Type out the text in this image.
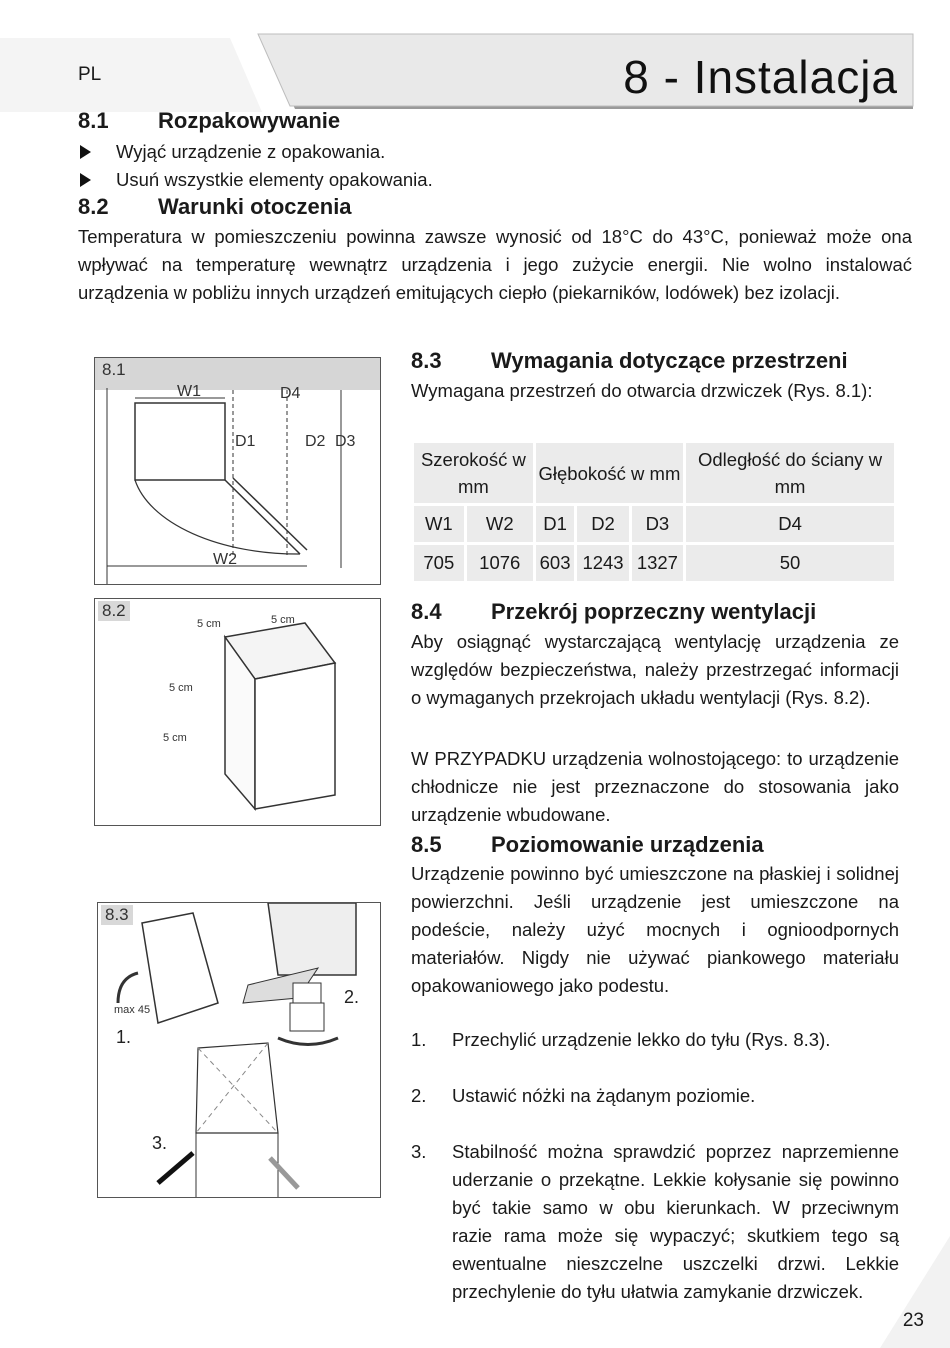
PL	8 - Instalacja
8.1 Rozpakowywanie
Wyjąć urządzenie z opakowania.
Usuń wszystkie elementy opakowania.
8.2 Warunki otoczenia
Temperatura w pomieszczeniu powinna zawsze wynosić od 18°C do 43°C, ponieważ może ona wpływać na temperaturę wewnątrz urządzenia i jego zużycie energii. Nie wolno instalować urządzenia w pobliżu innych urządzeń emitujących ciepło (piekarników, lodówek) bez izolacji.
W1	D4
D1	D2 D3
W2
8.1
5 cm	5 cm
5 cm
5 cm
8.2
max 45
1.
2.
3.
8.3
8.3 Wymagania dotyczące przestrzeni
Wymagana przestrzeń do otwarcia drzwiczek (Rys. 8.1):
Szerokość w mm		Głębokość w mm			Odległość do ściany w mm
W1	W2	D1	D2	D3	D4
705	1076	603	1243	1327	50
8.4 Przekrój poprzeczny wentylacji
Aby osiągnąć wystarczającą wentylację urządzenia ze względów bezpieczeństwa, należy przestrzegać informacji o wymaganych przekrojach układu wentylacji (Rys. 8.2).
W PRZYPADKU urządzenia wolnostojącego: to urządzenie chłodnicze nie jest przeznaczone do stosowania jako urządzenie wbudowane.
8.5 Poziomowanie urządzenia
Urządzenie powinno być umieszczone na płaskiej i solidnej powierzchni. Jeśli urządzenie jest umieszczone na podeście, należy użyć mocnych i ognioodpornych materiałów. Nigdy nie używać piankowego materiału opakowaniowego jako podestu.
1. Przechylić urządzenie lekko do tyłu (Rys. 8.3).
2. Ustawić nóżki na żądanym poziomie.
3. Stabilność można sprawdzić poprzez naprzemienne uderzanie o przekątne. Lekkie kołysanie się powinno być takie samo w obu kierunkach. W przeciwnym razie rama może się wypaczyć; skutkiem tego są ewentualne nieszczelne uszczelki drzwi. Lekkie przechylenie do tyłu ułatwia zamykanie drzwiczek.
23
